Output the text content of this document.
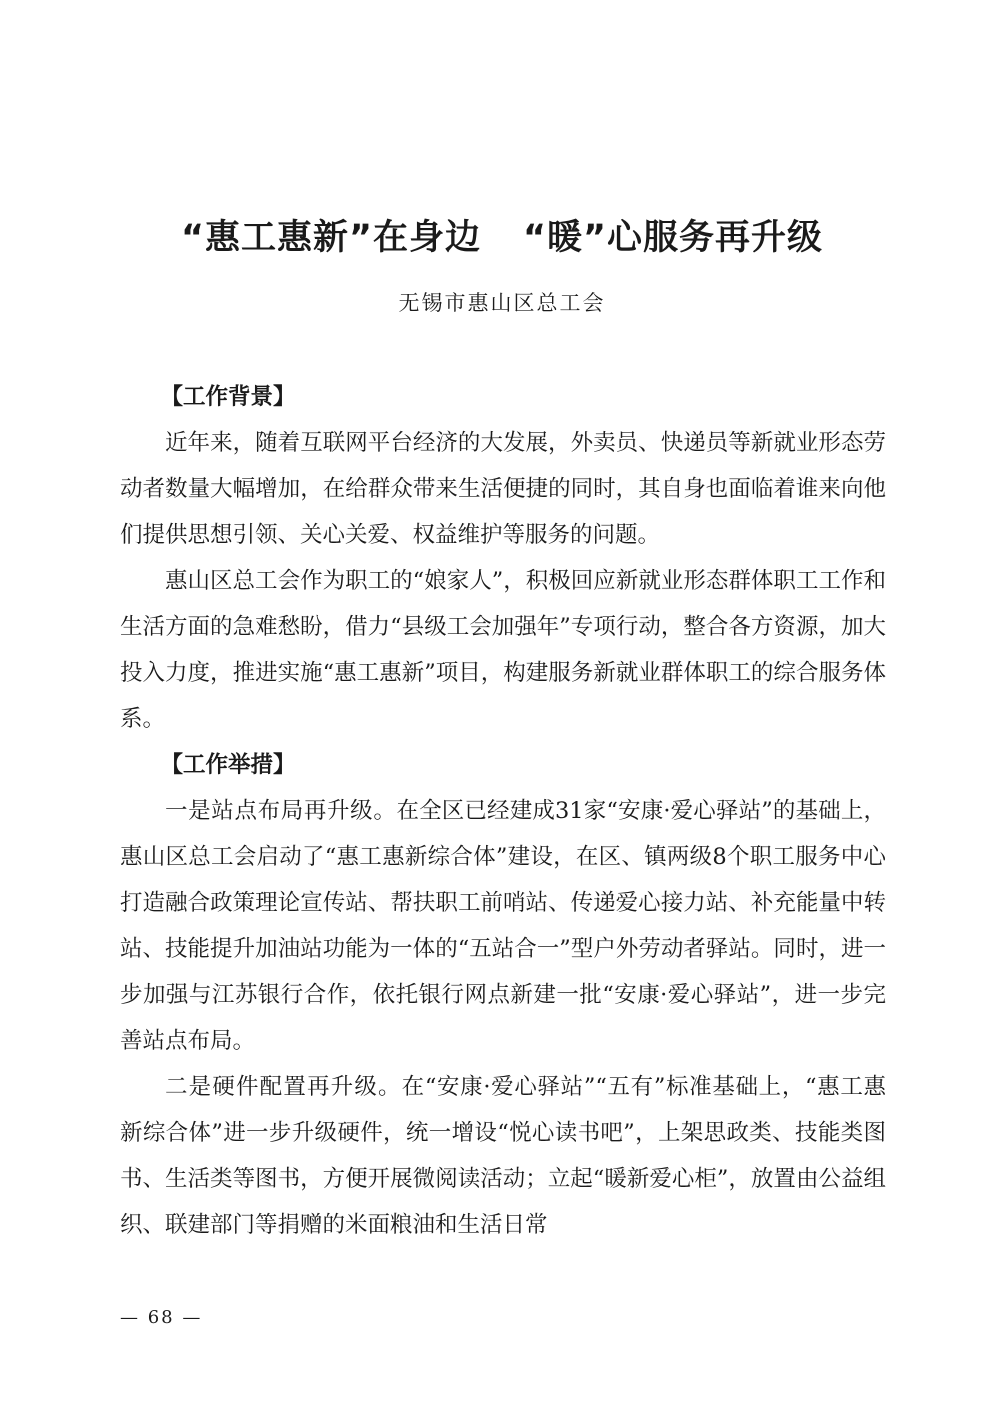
“惠工惠新”在身边 “暖”心服务再升级
无锡市惠山区总工会

【工作背景】

近年来，随着互联网平台经济的大发展，外卖员、快递员等新就业形态劳动者数量大幅增加，在给群众带来生活便捷的同时，其自身也面临着谁来向他们提供思想引领、关心关爱、权益维护等服务的问题。

惠山区总工会作为职工的“娘家人”，积极回应新就业形态群体职工工作和生活方面的急难愁盼，借力“县级工会加强年”专项行动，整合各方资源，加大投入力度，推进实施“惠工惠新”项目，构建服务新就业群体职工的综合服务体系。

【工作举措】

一是站点布局再升级。在全区已经建成31家“安康·爱心驿站”的基础上，惠山区总工会启动了“惠工惠新综合体”建设，在区、镇两级8个职工服务中心打造融合政策理论宣传站、帮扶职工前哨站、传递爱心接力站、补充能量中转站、技能提升加油站功能为一体的“五站合一”型户外劳动者驿站。同时，进一步加强与江苏银行合作，依托银行网点新建一批“安康·爱心驿站”，进一步完善站点布局。

二是硬件配置再升级。在“安康·爱心驿站”“五有”标准基础上，“惠工惠新综合体”进一步升级硬件，统一增设“悦心读书吧”，上架思政类、技能类图书、生活类等图书，方便开展微阅读活动；立起“暖新爱心柜”，放置由公益组织、联建部门等捐赠的米面粮油和生活日常

— 68 —
